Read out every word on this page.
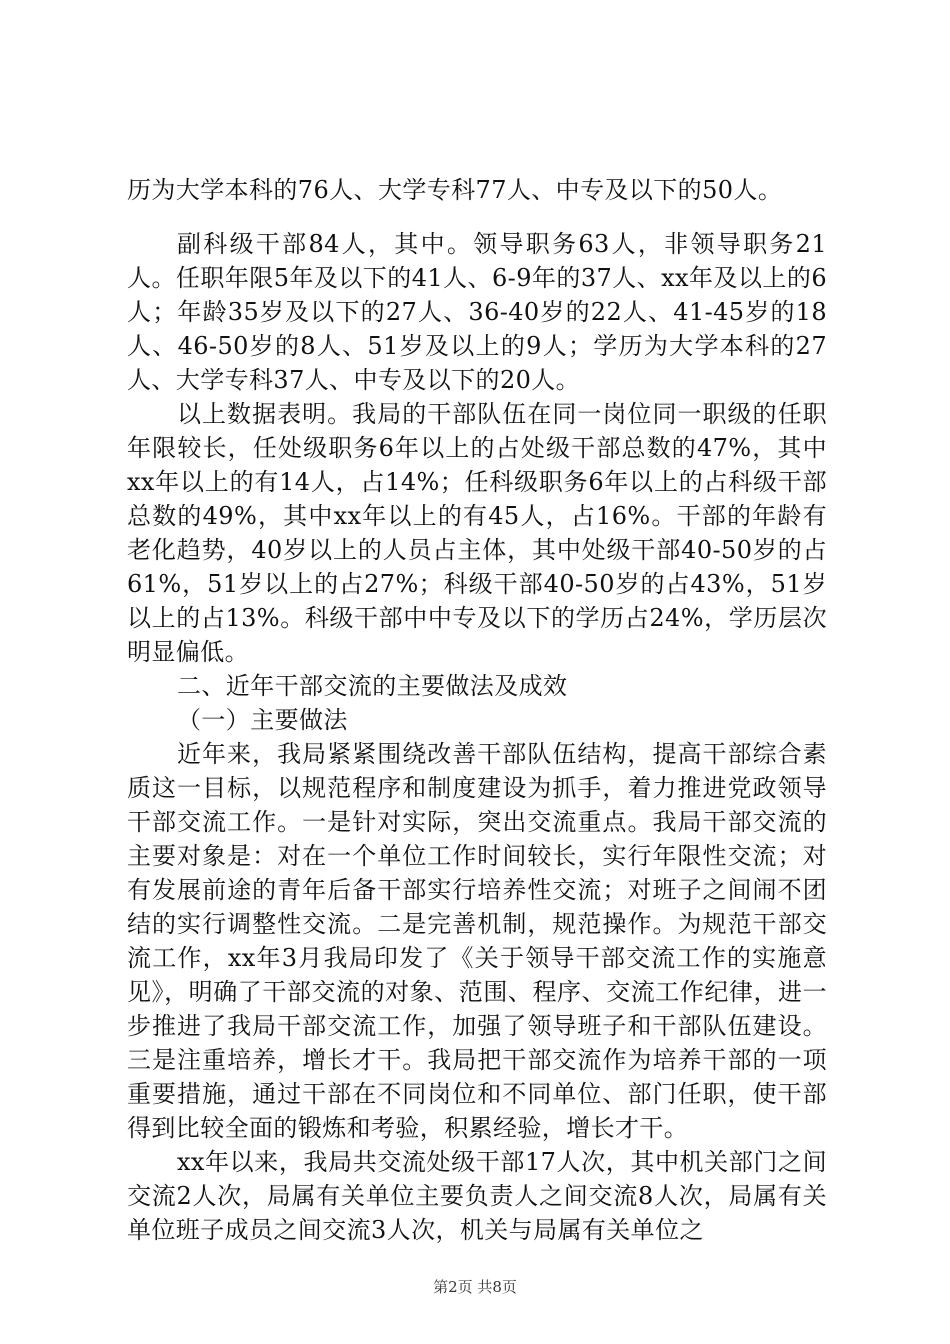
历为大学本科的76人、大学专科77人、中专及以下的50人。

副科级干部84人，其中。领导职务63人，非领导职务21人。任职年限5年及以下的41人、6-9年的37人、xx年及以上的6人；年龄35岁及以下的27人、36-40岁的22人、41-45岁的18人、46-50岁的8人、51岁及以上的9人；学历为大学本科的27人、大学专科37人、中专及以下的20人。

以上数据表明。我局的干部队伍在同一岗位同一职级的任职年限较长，任处级职务6年以上的占处级干部总数的47%，其中xx年以上的有14人，占14%；任科级职务6年以上的占科级干部总数的49%，其中xx年以上的有45人，占16%。干部的年龄有老化趋势，40岁以上的人员占主体，其中处级干部40-50岁的占61%，51岁以上的占27%；科级干部40-50岁的占43%，51岁以上的占13%。科级干部中中专及以下的学历占24%，学历层次明显偏低。

二、近年干部交流的主要做法及成效

（一）主要做法

近年来，我局紧紧围绕改善干部队伍结构，提高干部综合素质这一目标，以规范程序和制度建设为抓手，着力推进党政领导干部交流工作。一是针对实际，突出交流重点。我局干部交流的主要对象是：对在一个单位工作时间较长，实行年限性交流；对有发展前途的青年后备干部实行培养性交流；对班子之间闹不团结的实行调整性交流。二是完善机制，规范操作。为规范干部交流工作，xx年3月我局印发了《关于领导干部交流工作的实施意见》，明确了干部交流的对象、范围、程序、交流工作纪律，进一步推进了我局干部交流工作，加强了领导班子和干部队伍建设。三是注重培养，增长才干。我局把干部交流作为培养干部的一项重要措施，通过干部在不同岗位和不同单位、部门任职，使干部得到比较全面的锻炼和考验，积累经验，增长才干。

xx年以来，我局共交流处级干部17人次，其中机关部门之间交流2人次，局属有关单位主要负责人之间交流8人次，局属有关单位班子成员之间交流3人次，机关与局属有关单位之

第2页 共8页
